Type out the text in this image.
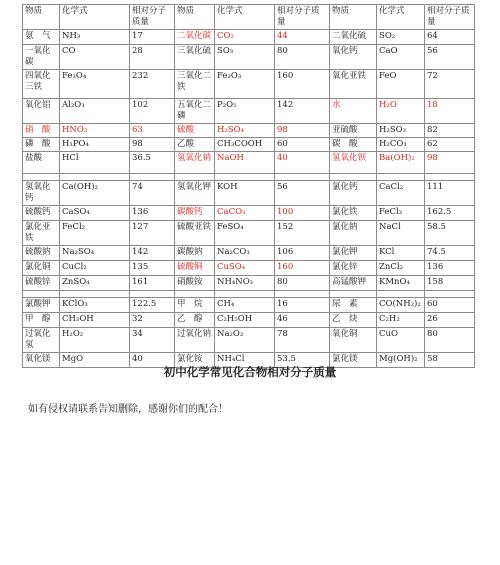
物质	化学式	相对分子质量	物质	化学式	相对分子质量	物质	化学式	相对分子质量
氨　气	NH₃	17	二氧化碳	CO₂	44	二氧化硫	SO₂	64
一氧化碳	CO	28	三氧化硫	SO₃	80	氧化钙	CaO	56
四氧化三铁	Fe₃O₄	232	三氧化二铁	Fe₂O₃	160	氧化亚铁	FeO	72
氧化铝	Al₂O₃	102	五氧化二磷	P₂O₅	142	水	H₂O	18
硝　酸	HNO₃	63	硫酸	H₂SO₄	98	亚硫酸	H₂SO₃	82
磷　酸	H₃PO₄	98	乙酸	CH₃COOH	60	碳　酸	H₂CO₃	62
盐酸	HCl	36.5	氢氧化钠	NaOH	40	氢氧化钡	Ba(OH)₂	98

氢氧化钙	Ca(OH)₂	74	氢氧化钾	KOH	56	氯化钙	CaCl₂	111
硫酸钙	CaSO₄	136	碳酸钙	CaCO₃	100	氯化铁	FeCl₃	162.5
氯化亚铁	FeCl₂	127	硫酸亚铁	FeSO₄	152	氯化钠	NaCl	58.5
硫酸钠	Na₂SO₄	142	碳酸钠	Na₂CO₃	106	氯化钾	KCl	74.5
氯化铜	CuCl₂	135	硫酸铜	CuSO₄	160	氯化锌	ZnCl₂	136
硫酸锌	ZnSO₄	161	硝酸铵	NH₄NO₃	80	高锰酸钾	KMnO₄	158

氯酸钾	KClO₃	122.5	甲　烷	CH₄	16	尿　素	CO(NH₂)₂	60
甲　醇	CH₃OH	32	乙　醇	C₂H₅OH	46	乙　炔	C₂H₂	26
过氧化氢	H₂O₂	34	过氧化钠	Na₂O₂	78	氧化铜	CuO	80
氧化镁	MgO	40	氯化铵	NH₄Cl	53.5	氯化镁	Mg(OH)₂	58
初中化学常见化合物相对分子质量
如有侵权请联系告知删除，感谢你们的配合！
